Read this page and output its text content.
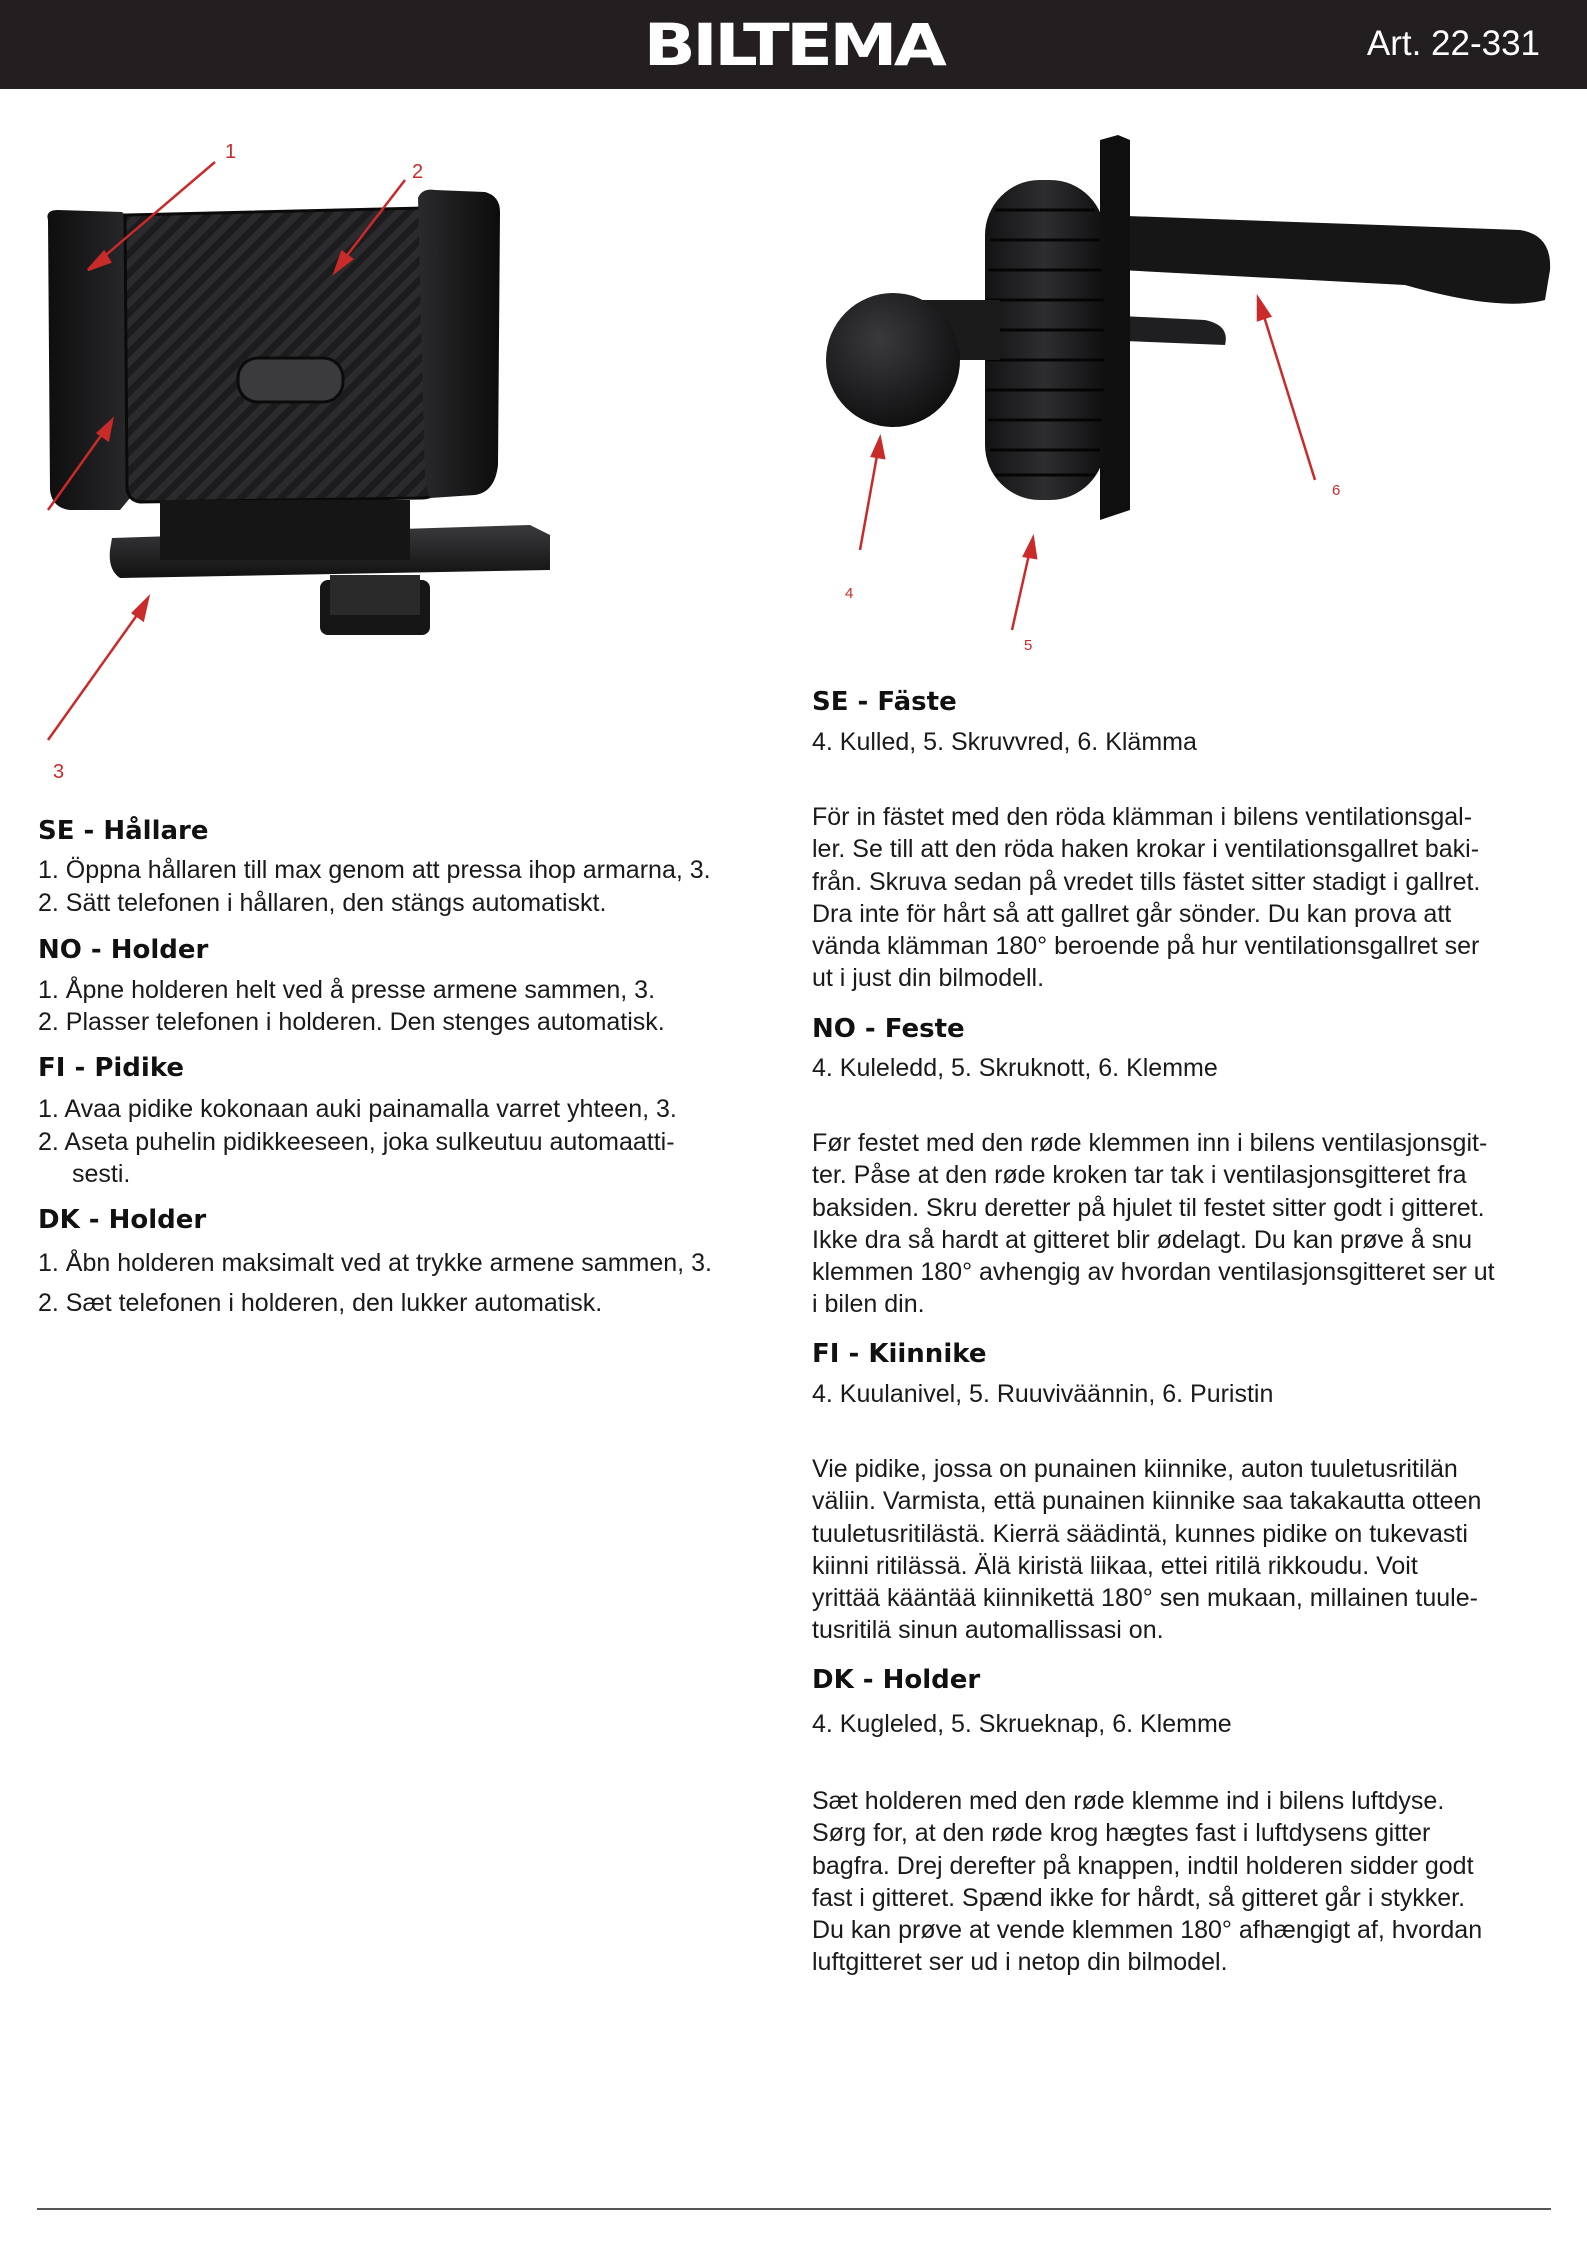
BILTEMA	Art. 22-331
1
2
3
4
5
6
SE - Hållare
1. Öppna hållaren till max genom att pressa ihop armarna, 3.
2. Sätt telefonen i hållaren, den stängs automatiskt.
NO - Holder
1. Åpne holderen helt ved å presse armene sammen, 3.
2. Plasser telefonen i holderen. Den stenges automatisk.
FI - Pidike
1. Avaa pidike kokonaan auki painamalla varret yhteen, 3.
2. Aseta puhelin pidikkeeseen, joka sulkeutuu automaatti-
sesti.
DK - Holder
1. Åbn holderen maksimalt ved at trykke armene sammen, 3.
2. Sæt telefonen i holderen, den lukker automatisk.
SE - Fäste
4. Kulled, 5. Skruvvred, 6. Klämma
För in fästet med den röda klämman i bilens ventilationsgal-
ler. Se till att den röda haken krokar i ventilationsgallret baki-
från. Skruva sedan på vredet tills fästet sitter stadigt i gallret.
Dra inte för hårt så att gallret går sönder. Du kan prova att
vända klämman 180° beroende på hur ventilationsgallret ser
ut i just din bilmodell.
NO - Feste
4. Kuleledd, 5. Skruknott, 6. Klemme
Før festet med den røde klemmen inn i bilens ventilasjonsgit-
ter. Påse at den røde kroken tar tak i ventilasjonsgitteret fra
baksiden. Skru deretter på hjulet til festet sitter godt i gitteret.
Ikke dra så hardt at gitteret blir ødelagt. Du kan prøve å snu
klemmen 180° avhengig av hvordan ventilasjonsgitteret ser ut
i bilen din.
FI - Kiinnike
4. Kuulanivel, 5. Ruuviväännin, 6. Puristin
Vie pidike, jossa on punainen kiinnike, auton tuuletusritilän
väliin. Varmista, että punainen kiinnike saa takakautta otteen
tuuletusritilästä. Kierrä säädintä, kunnes pidike on tukevasti
kiinni ritilässä. Älä kiristä liikaa, ettei ritilä rikkoudu. Voit
yrittää kääntää kiinnikettä 180° sen mukaan, millainen tuule-
tusritilä sinun automallissasi on.
DK - Holder
4. Kugleled, 5. Skrueknap, 6. Klemme
Sæt holderen med den røde klemme ind i bilens luftdyse.
Sørg for, at den røde krog hægtes fast i luftdysens gitter
bagfra. Drej derefter på knappen, indtil holderen sidder godt
fast i gitteret. Spænd ikke for hårdt, så gitteret går i stykker.
Du kan prøve at vende klemmen 180° afhængigt af, hvordan
luftgitteret ser ud i netop din bilmodel.
